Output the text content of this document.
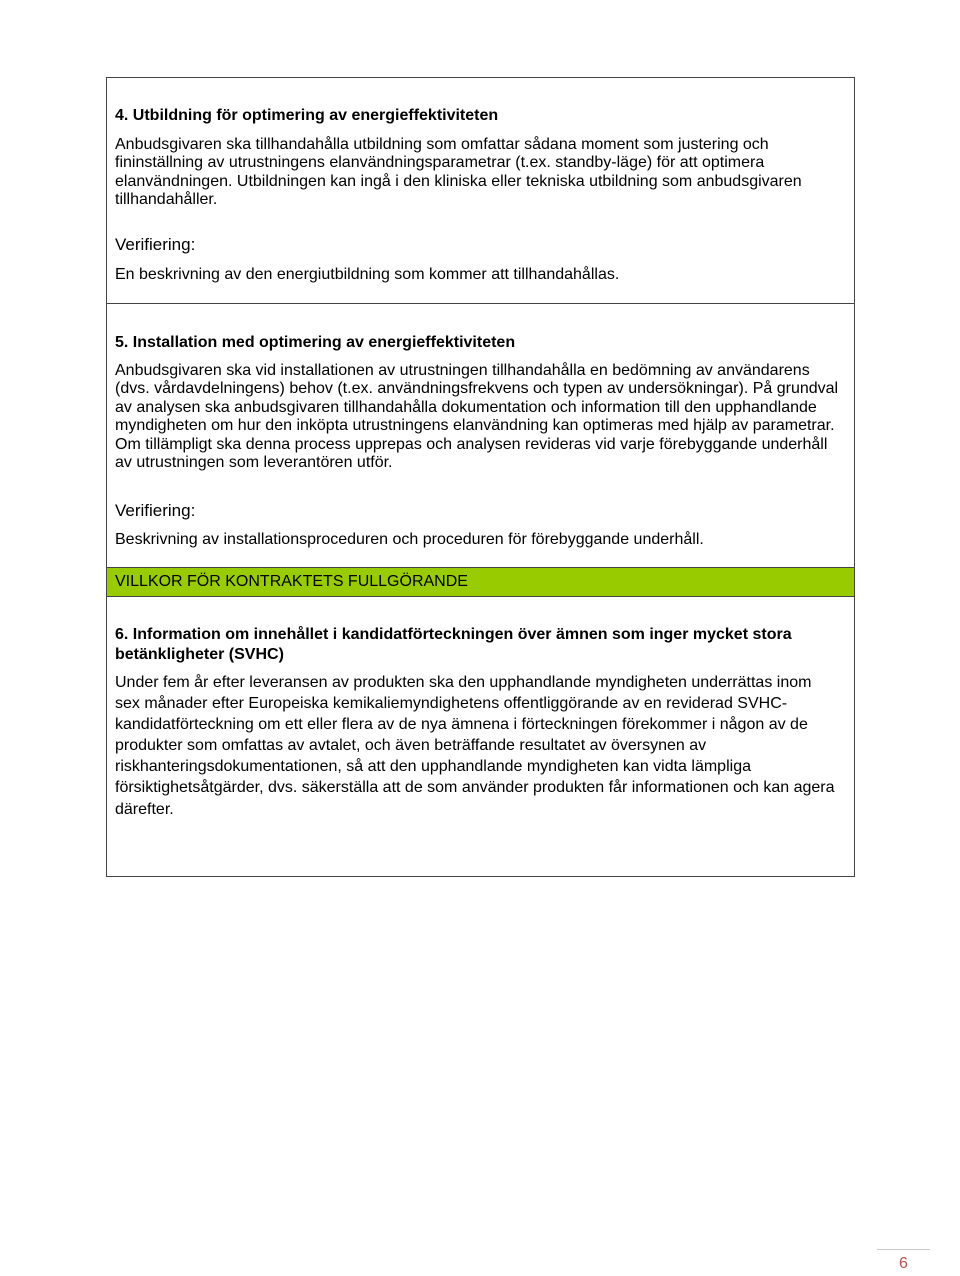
4. Utbildning för optimering av energieffektiviteten
Anbudsgivaren ska tillhandahålla utbildning som omfattar sådana moment som justering och
fininställning av utrustningens elanvändningsparametrar (t.ex. standby-läge) för att optimera
elanvändningen. Utbildningen kan ingå i den kliniska eller tekniska utbildning som anbudsgivaren
tillhandahåller.
Verifiering:
En beskrivning av den energiutbildning som kommer att tillhandahållas.
5. Installation med optimering av energieffektiviteten
Anbudsgivaren ska vid installationen av utrustningen tillhandahålla en bedömning av användarens
(dvs. vårdavdelningens) behov (t.ex. användningsfrekvens och typen av undersökningar). På grundval
av analysen ska anbudsgivaren tillhandahålla dokumentation och information till den upphandlande
myndigheten om hur den inköpta utrustningens elanvändning kan optimeras med hjälp av parametrar.
Om tillämpligt ska denna process upprepas och analysen revideras vid varje förebyggande underhåll
av utrustningen som leverantören utför.
Verifiering:
Beskrivning av installationsproceduren och proceduren för förebyggande underhåll.
VILLKOR FÖR KONTRAKTETS FULLGÖRANDE
6. Information om innehållet i kandidatförteckningen över ämnen som inger mycket stora
betänkligheter (SVHC)
Under fem år efter leveransen av produkten ska den upphandlande myndigheten underrättas inom
sex månader efter Europeiska kemikaliemyndighetens offentliggörande av en reviderad SVHC-
kandidatförteckning om ett eller flera av de nya ämnena i förteckningen förekommer i någon av de
produkter som omfattas av avtalet, och även beträffande resultatet av översynen av
riskhanteringsdokumentationen, så att den upphandlande myndigheten kan vidta lämpliga
försiktighetsåtgärder, dvs. säkerställa att de som använder produkten får informationen och kan agera
därefter.
6
